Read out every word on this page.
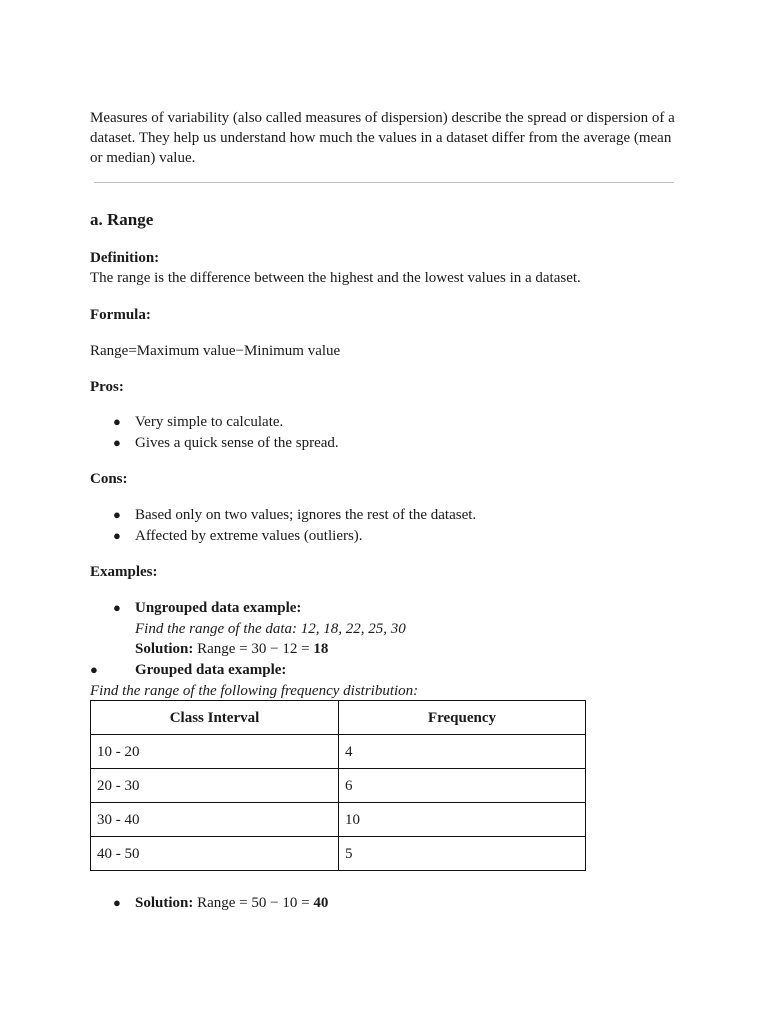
Measures of variability (also called measures of dispersion) describe the spread or dispersion of a dataset. They help us understand how much the values in a dataset differ from the average (mean or median) value.

a. Range

Definition:

The range is the difference between the highest and the lowest values in a dataset.

Formula:

Range=Maximum value−Minimum value

Pros:

● Very simple to calculate.
● Gives a quick sense of the spread.

Cons:

● Based only on two values; ignores the rest of the dataset.
● Affected by extreme values (outliers).

Examples:

● Ungrouped data example:
Find the range of the data: 12, 18, 22, 25, 30
Solution: Range = 30 − 12 = 18
● Grouped data example:

Find the range of the following frequency distribution:

Class Interval	Frequency
10 - 20	4
20 - 30	6
30 - 40	10
40 - 50	5
● Solution: Range = 50 − 10 = 40
